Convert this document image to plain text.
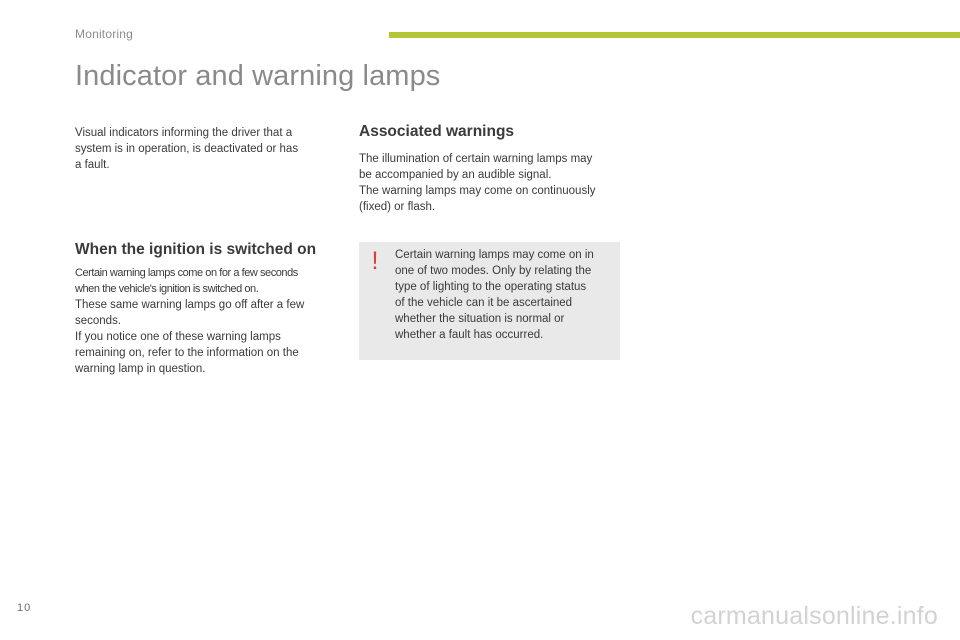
Monitoring
Indicator and warning lamps

Visual indicators informing the driver that a
system is in operation, is deactivated or has
a fault.

When the ignition is switched on
Certain warning lamps come on for a few seconds
when the vehicle's ignition is switched on.
These same warning lamps go off after a few
seconds.
If you notice one of these warning lamps
remaining on, refer to the information on the
warning lamp in question.
Associated warnings

The illumination of certain warning lamps may
be accompanied by an audible signal.
The warning lamps may come on continuously
(fixed) or flash.

! Certain warning lamps may come on in
one of two modes. Only by relating the
type of lighting to the operating status
of the vehicle can it be ascertained
whether the situation is normal or
whether a fault has occurred.

10	carmanualsonline.info
